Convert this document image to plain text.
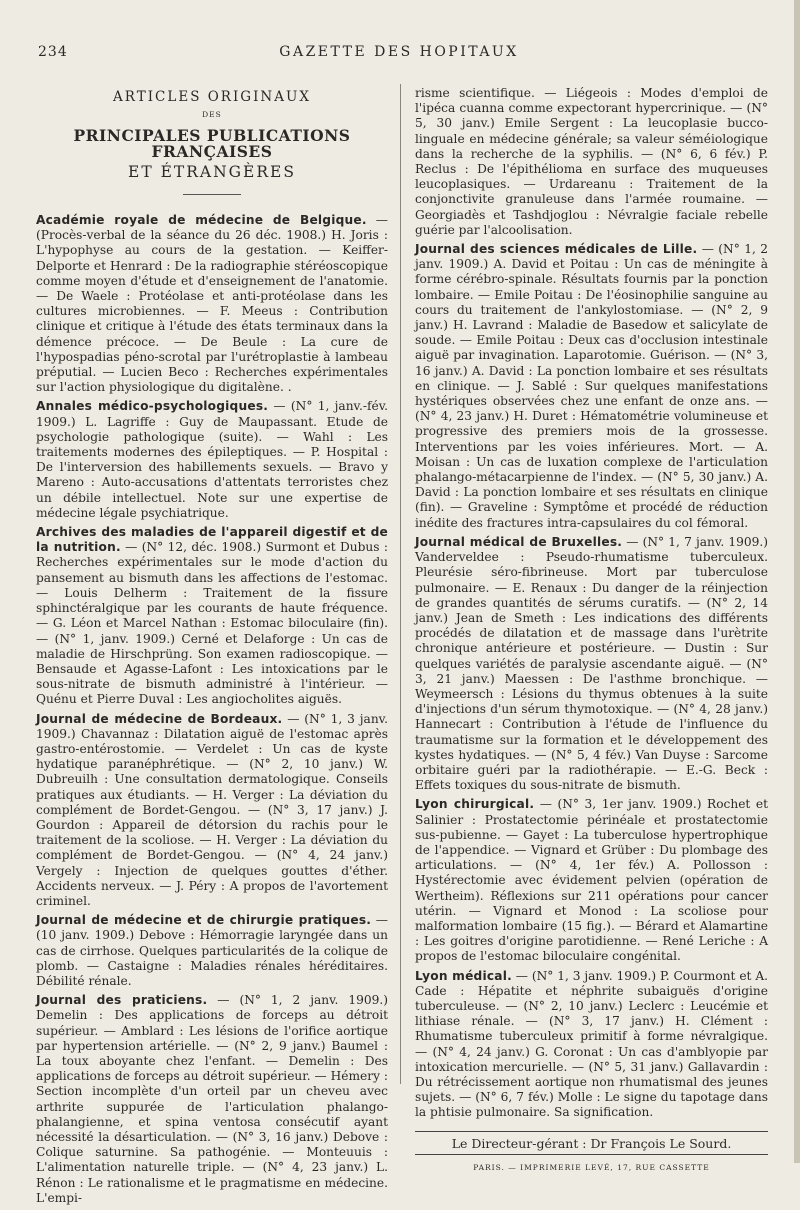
234	GAZETTE DES HOPITAUX
ARTICLES ORIGINAUX
DES
PRINCIPALES PUBLICATIONS FRANÇAISES
ET ÉTRANGÈRES

Académie royale de médecine de Belgique. — (Procès-verbal de la séance du 26 déc. 1908.) H. Joris : L'hypophyse au cours de la gestation. — Keiffer-Delporte et Henrard : De la radiographie stéréoscopique comme moyen d'étude et d'enseignement de l'anatomie. — De Waele : Protéolase et anti-protéolase dans les cultures microbiennes. — F. Meeus : Contribution clinique et critique à l'étude des états terminaux dans la démence précoce. — De Beule : La cure de l'hypospadias péno-scrotal par l'urétroplastie à lambeau préputial. — Lucien Beco : Recherches expérimentales sur l'action physiologique du digitalène. .

Annales médico-psychologiques. — (N° 1, janv.-fév. 1909.) L. Lagriffe : Guy de Maupassant. Etude de psychologie pathologique (suite). — Wahl : Les traitements modernes des épileptiques. — P. Hospital : De l'interversion des habillements sexuels. — Bravo y Mareno : Auto-accusations d'attentats terroristes chez un débile intellectuel. Note sur une expertise de médecine légale psychiatrique.

Archives des maladies de l'appareil digestif et de la nutrition. — (N° 12, déc. 1908.) Surmont et Dubus : Recherches expérimentales sur le mode d'action du pansement au bismuth dans les affections de l'estomac. — Louis Delherm : Traitement de la fissure sphinctéralgique par les courants de haute fréquence. — G. Léon et Marcel Nathan : Estomac biloculaire (fin). — (N° 1, janv. 1909.) Cerné et Delaforge : Un cas de maladie de Hirschprüng. Son examen radioscopique. — Bensaude et Agasse-Lafont : Les intoxications par le sous-nitrate de bismuth administré à l'intérieur. — Quénu et Pierre Duval : Les angiocholites aiguës.

Journal de médecine de Bordeaux. — (N° 1, 3 janv. 1909.) Chavannaz : Dilatation aiguë de l'estomac après gastro-entérostomie. — Verdelet : Un cas de kyste hydatique paranéphrétique. — (N° 2, 10 janv.) W. Dubreuilh : Une consultation dermatologique. Conseils pratiques aux étudiants. — H. Verger : La déviation du complément de Bordet-Gengou. — (N° 3, 17 janv.) J. Gourdon : Appareil de détorsion du rachis pour le traitement de la scoliose. — H. Verger : La déviation du complément de Bordet-Gengou. — (N° 4, 24 janv.) Vergely : Injection de quelques gouttes d'éther. Accidents nerveux. — J. Péry : A propos de l'avortement criminel.

Journal de médecine et de chirurgie pratiques. — (10 janv. 1909.) Debove : Hémorragie laryngée dans un cas de cirrhose. Quelques particularités de la colique de plomb. — Castaigne : Maladies rénales héréditaires. Débilité rénale.

Journal des praticiens. — (N° 1, 2 janv. 1909.) Demelin : Des applications de forceps au détroit supérieur. — Amblard : Les lésions de l'orifice aortique par hypertension artérielle. — (N° 2, 9 janv.) Baumel : La toux aboyante chez l'enfant. — Demelin : Des applications de forceps au détroit supérieur. — Hémery : Section incomplète d'un orteil par un cheveu avec arthrite suppurée de l'articulation phalango-phalangienne, et spina ventosa consécutif ayant nécessité la désarticulation. — (N° 3, 16 janv.) Debove : Colique saturnine. Sa pathogénie. — Monteuuis : L'alimentation naturelle triple. — (N° 4, 23 janv.) L. Rénon : Le rationalisme et le pragmatisme en médecine. L'empi-

risme scientifique. — Liégeois : Modes d'emploi de l'ipéca cuanna comme expectorant hypercrinique. — (N° 5, 30 janv.) Emile Sergent : La leucoplasie bucco-linguale en médecine générale; sa valeur séméiologique dans la recherche de la syphilis. — (N° 6, 6 fév.) P. Reclus : De l'épithélioma en surface des muqueuses leucoplasiques. — Urdareanu : Traitement de la conjonctivite granuleuse dans l'armée roumaine. — Georgiadès et Tashdjoglou : Névralgie faciale rebelle guérie par l'alcoolisation.

Journal des sciences médicales de Lille. — (N° 1, 2 janv. 1909.) A. David et Poitau : Un cas de méningite à forme cérébro-spinale. Résultats fournis par la ponction lombaire. — Emile Poitau : De l'éosinophilie sanguine au cours du traitement de l'ankylostomiase. — (N° 2, 9 janv.) H. Lavrand : Maladie de Basedow et salicylate de soude. — Emile Poitau : Deux cas d'occlusion intestinale aiguë par invagination. Laparotomie. Guérison. — (N° 3, 16 janv.) A. David : La ponction lombaire et ses résultats en clinique. — J. Sablé : Sur quelques manifestations hystériques observées chez une enfant de onze ans. — (N° 4, 23 janv.) H. Duret : Hématométrie volumineuse et progressive des premiers mois de la grossesse. Interventions par les voies inférieures. Mort. — A. Moisan : Un cas de luxation complexe de l'articulation phalango-métacarpienne de l'index. — (N° 5, 30 janv.) A. David : La ponction lombaire et ses résultats en clinique (fin). — Graveline : Symptôme et procédé de réduction inédite des fractures intra-capsulaires du col fémoral.

Journal médical de Bruxelles. — (N° 1, 7 janv. 1909.) Vanderveldee : Pseudo-rhumatisme tuberculeux. Pleurésie séro-fibrineuse. Mort par tuberculose pulmonaire. — E. Renaux : Du danger de la réinjection de grandes quantités de sérums curatifs. — (N° 2, 14 janv.) Jean de Smeth : Les indications des différents procédés de dilatation et de massage dans l'urètrite chronique antérieure et postérieure. — Dustin : Sur quelques variétés de paralysie ascendante aiguë. — (N° 3, 21 janv.) Maessen : De l'asthme bronchique. — Weymeersch : Lésions du thymus obtenues à la suite d'injections d'un sérum thymotoxique. — (N° 4, 28 janv.) Hannecart : Contribution à l'étude de l'influence du traumatisme sur la formation et le développement des kystes hydatiques. — (N° 5, 4 fév.) Van Duyse : Sarcome orbitaire guéri par la radiothérapie. — E.-G. Beck : Effets toxiques du sous-nitrate de bismuth.

Lyon chirurgical. — (N° 3, 1er janv. 1909.) Rochet et Salinier : Prostatectomie périnéale et prostatectomie sus-pubienne. — Gayet : La tuberculose hypertrophique de l'appendice. — Vignard et Grüber : Du plombage des articulations. — (N° 4, 1er fév.) A. Pollosson : Hystérectomie avec évidement pelvien (opération de Wertheim). Réflexions sur 211 opérations pour cancer utérin. — Vignard et Monod : La scoliose pour malformation lombaire (15 fig.). — Bérard et Alamartine : Les goitres d'origine parotidienne. — René Leriche : A propos de l'estomac biloculaire congénital.

Lyon médical. — (N° 1, 3 janv. 1909.) P. Courmont et A. Cade : Hépatite et néphrite subaiguës d'origine tuberculeuse. — (N° 2, 10 janv.) Leclerc : Leucémie et lithiase rénale. — (N° 3, 17 janv.) H. Clément : Rhumatisme tuberculeux primitif à forme névralgique. — (N° 4, 24 janv.) G. Coronat : Un cas d'amblyopie par intoxication mercurielle. — (N° 5, 31 janv.) Gallavardin : Du rétrécissement aortique non rhumatismal des jeunes sujets. — (N° 6, 7 fév.) Molle : Le signe du tapotage dans la phtisie pulmonaire. Sa signification.

Le Directeur-gérant : Dr François Le Sourd.
PARIS. — IMPRIMERIE LEVÉ, 17, RUE CASSETTE
